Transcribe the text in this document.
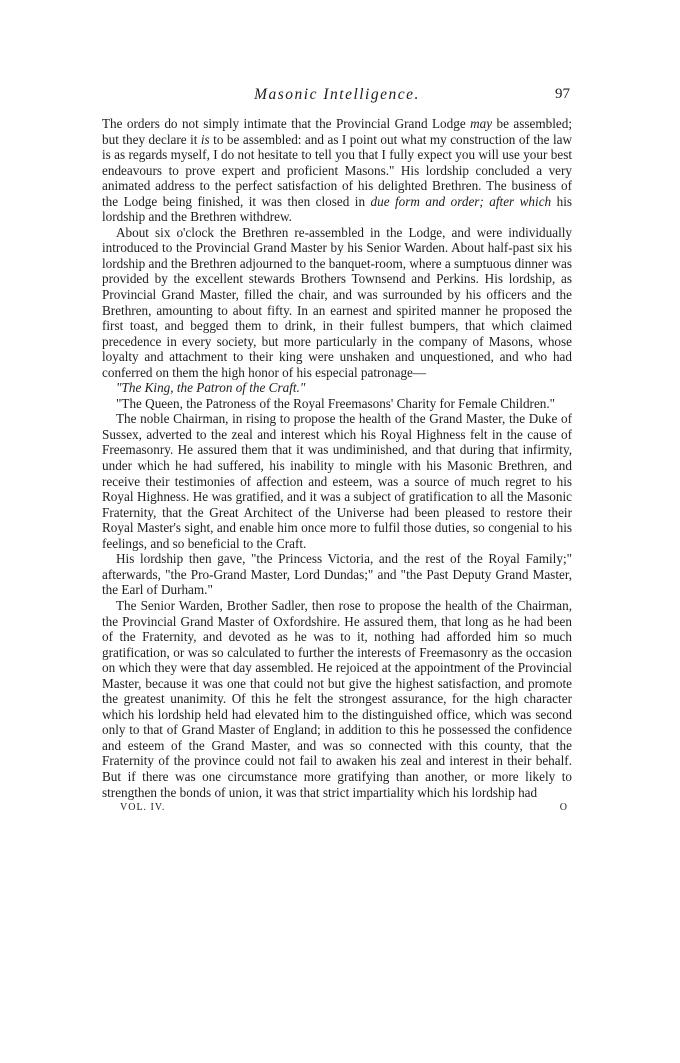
Masonic Intelligence.	97

The orders do not simply intimate that the Provincial Grand Lodge may be assembled; but they declare it is to be assembled: and as I point out what my construction of the law is as regards myself, I do not hesitate to tell you that I fully expect you will use your best endeavours to prove expert and proficient Masons." His lordship concluded a very animated address to the perfect satisfaction of his delighted Brethren. The business of the Lodge being finished, it was then closed in due form and order; after which his lordship and the Brethren withdrew.

About six o'clock the Brethren re-assembled in the Lodge, and were individually introduced to the Provincial Grand Master by his Senior Warden. About half-past six his lordship and the Brethren adjourned to the banquet-room, where a sumptuous dinner was provided by the excellent stewards Brothers Townsend and Perkins. His lordship, as Provincial Grand Master, filled the chair, and was surrounded by his officers and the Brethren, amounting to about fifty. In an earnest and spirited manner he proposed the first toast, and begged them to drink, in their fullest bumpers, that which claimed precedence in every society, but more particularly in the company of Masons, whose loyalty and attachment to their king were unshaken and unquestioned, and who had conferred on them the high honor of his especial patronage—

"The King, the Patron of the Craft."

"The Queen, the Patroness of the Royal Freemasons' Charity for Female Children."

The noble Chairman, in rising to propose the health of the Grand Master, the Duke of Sussex, adverted to the zeal and interest which his Royal Highness felt in the cause of Freemasonry. He assured them that it was undiminished, and that during that infirmity, under which he had suffered, his inability to mingle with his Masonic Brethren, and receive their testimonies of affection and esteem, was a source of much regret to his Royal Highness. He was gratified, and it was a subject of gratification to all the Masonic Fraternity, that the Great Architect of the Universe had been pleased to restore their Royal Master's sight, and enable him once more to fulfil those duties, so congenial to his feelings, and so beneficial to the Craft.

His lordship then gave, "the Princess Victoria, and the rest of the Royal Family;" afterwards, "the Pro-Grand Master, Lord Dundas;" and "the Past Deputy Grand Master, the Earl of Durham."

The Senior Warden, Brother Sadler, then rose to propose the health of the Chairman, the Provincial Grand Master of Oxfordshire. He assured them, that long as he had been of the Fraternity, and devoted as he was to it, nothing had afforded him so much gratification, or was so calculated to further the interests of Freemasonry as the occasion on which they were that day assembled. He rejoiced at the appointment of the Provincial Master, because it was one that could not but give the highest satisfaction, and promote the greatest unanimity. Of this he felt the strongest assurance, for the high character which his lordship held had elevated him to the distinguished office, which was second only to that of Grand Master of England; in addition to this he possessed the confidence and esteem of the Grand Master, and was so connected with this county, that the Fraternity of the province could not fail to awaken his zeal and interest in their behalf. But if there was one circumstance more gratifying than another, or more likely to strengthen the bonds of union, it was that strict impartiality which his lordship had

VOL. IV.	O
